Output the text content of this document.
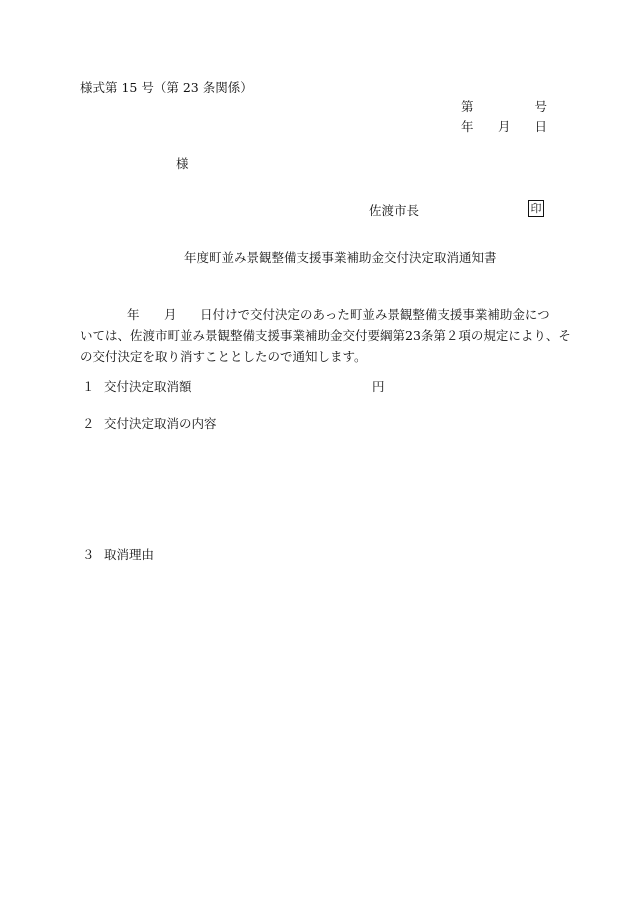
様式第 15 号（第 23 条関係）
第	号
年 月 日
様
佐渡市長	印
年度町並み景観整備支援事業補助金交付決定取消通知書
年 月 日付けで交付決定のあった町並み景観整備支援事業補助金につ
いては、佐渡市町並み景観整備支援事業補助金交付要綱第23条第２項の規定により、そ
の交付決定を取り消すこととしたので通知します。
１ 交付決定取消額	円
２ 交付決定取消の内容
３ 取消理由
